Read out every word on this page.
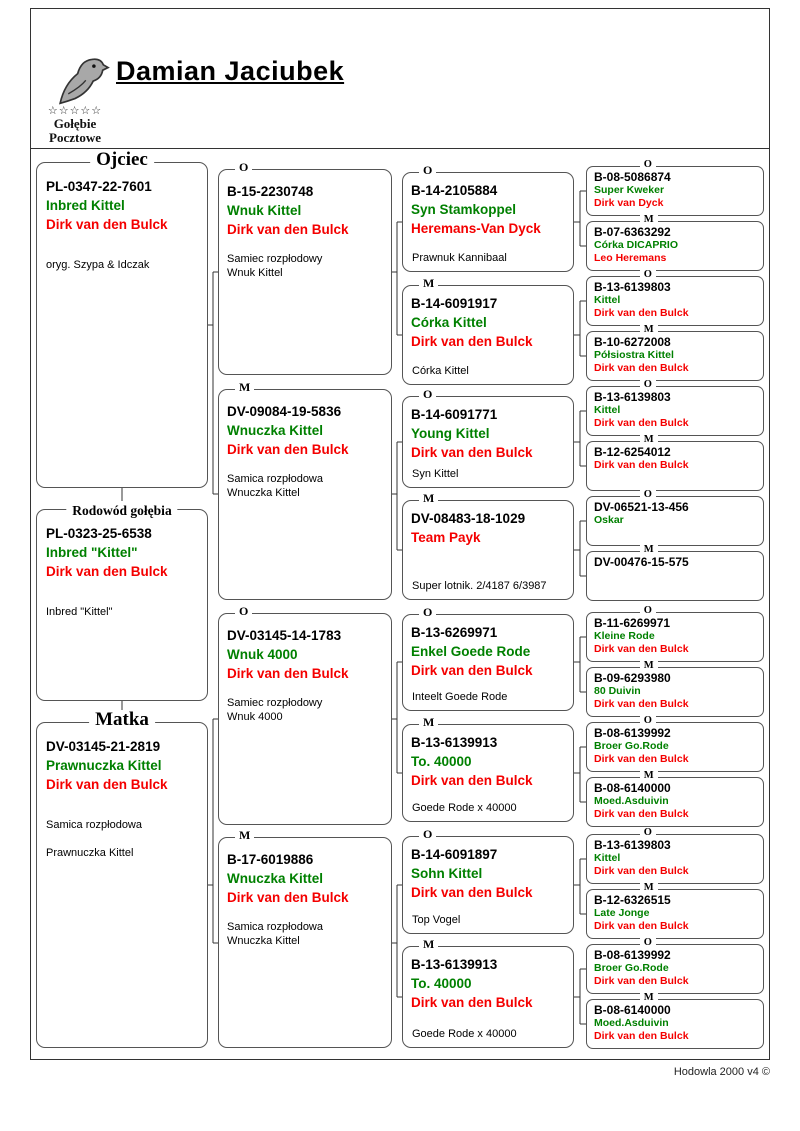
☆☆☆☆☆
Gołębie
Pocztowe
Damian Jaciubek
Ojciec
PL-0347-22-7601
Inbred Kittel
Dirk van den Bulck
oryg. Szypa & Idczak
Rodowód gołębia
PL-0323-25-6538
Inbred "Kittel"
Dirk van den Bulck
Inbred "Kittel"
Matka
DV-03145-21-2819
Prawnuczka Kittel
Dirk van den Bulck
Samica rozpłodowa
Prawnuczka Kittel
O
B-15-2230748
Wnuk Kittel
Dirk van den Bulck
Samiec rozpłodowy
Wnuk Kittel
M
DV-09084-19-5836
Wnuczka Kittel
Dirk van den Bulck
Samica rozpłodowa
Wnuczka Kittel
O
DV-03145-14-1783
Wnuk 4000
Dirk van den Bulck
Samiec rozpłodowy
Wnuk 4000
M
B-17-6019886
Wnuczka Kittel
Dirk van den Bulck
Samica rozpłodowa
Wnuczka Kittel
O
B-14-2105884
Syn Stamkoppel
Heremans-Van Dyck
Prawnuk Kannibaal
M
B-14-6091917
Córka Kittel
Dirk van den Bulck
Córka Kittel
O
B-14-6091771
Young Kittel
Dirk van den Bulck
Syn Kittel
M
DV-08483-18-1029
Team Payk
Super lotnik. 2/4187 6/3987
O
B-13-6269971
Enkel Goede Rode
Dirk van den Bulck
Inteelt Goede Rode
M
B-13-6139913
To. 40000
Dirk van den Bulck
Goede Rode x 40000
O
B-14-6091897
Sohn Kittel
Dirk van den Bulck
Top Vogel
M
B-13-6139913
To. 40000
Dirk van den Bulck
Goede Rode x 40000
O
B-08-5086874
Super Kweker
Dirk van Dyck
M
B-07-6363292
Córka DICAPRIO
Leo Heremans
O
B-13-6139803
Kittel
Dirk van den Bulck
M
B-10-6272008
Półsiostra Kittel
Dirk van den Bulck
O
B-13-6139803
Kittel
Dirk van den Bulck
M
B-12-6254012
Dirk van den Bulck
O
DV-06521-13-456
Oskar
M
DV-00476-15-575
O
B-11-6269971
Kleine Rode
Dirk van den Bulck
M
B-09-6293980
80 Duivin
Dirk van den Bulck
O
B-08-6139992
Broer Go.Rode
Dirk van den Bulck
M
B-08-6140000
Moed.Asduivin
Dirk van den Bulck
O
B-13-6139803
Kittel
Dirk van den Bulck
M
B-12-6326515
Late Jonge
Dirk van den Bulck
O
B-08-6139992
Broer Go.Rode
Dirk van den Bulck
M
B-08-6140000
Moed.Asduivin
Dirk van den Bulck
Hodowla 2000 v4 ©
